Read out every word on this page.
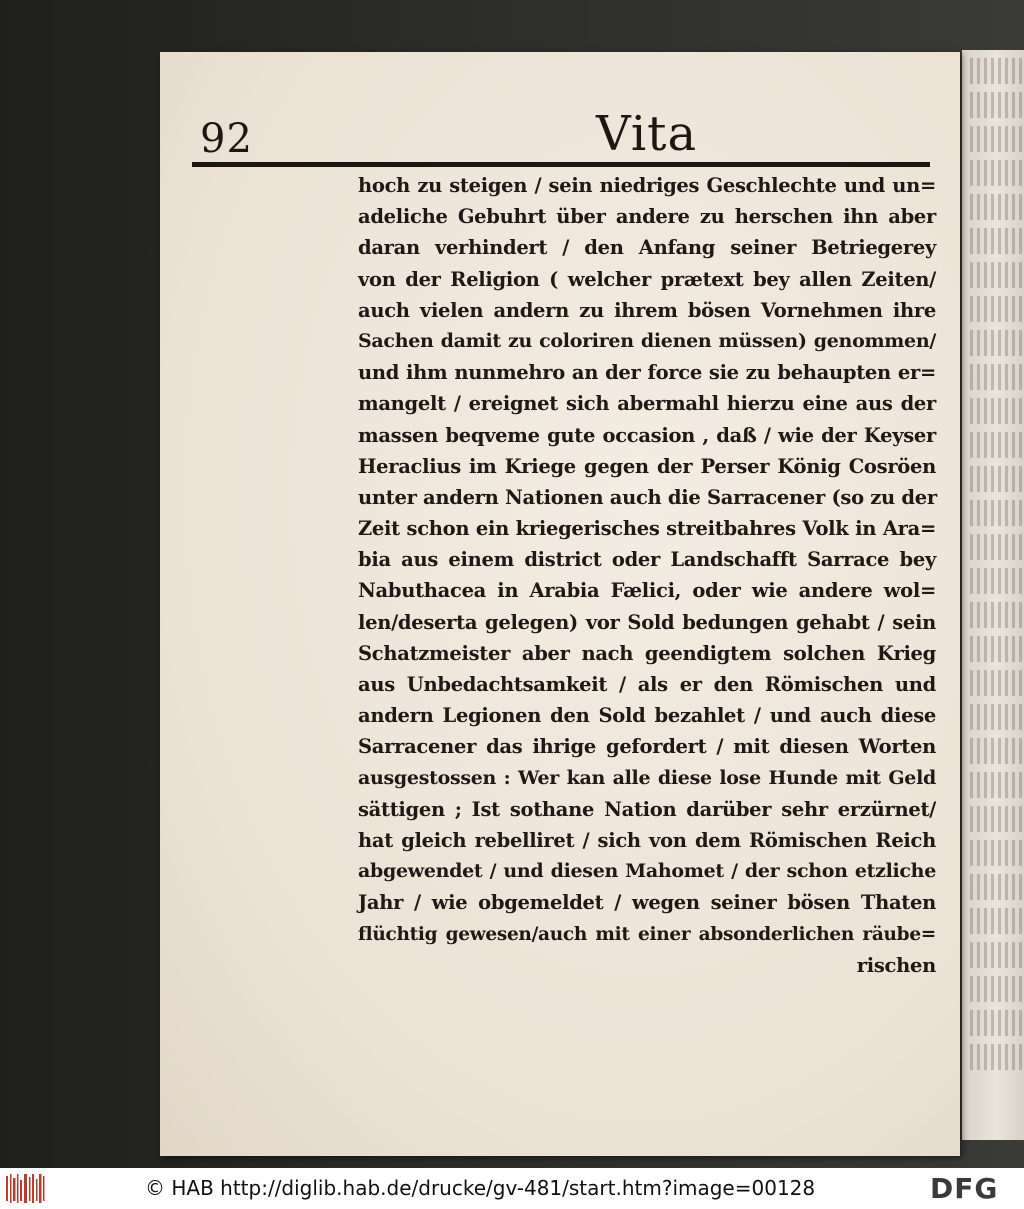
92	Vita
hoch zu steigen / sein niedriges Geschlechte und un=
adeliche Gebuhrt über andere zu herschen ihn aber
daran verhindert / den Anfang seiner Betriegerey
von der Religion ( welcher prætext bey allen Zeiten/
auch vielen andern zu ihrem bösen Vornehmen ihre
Sachen damit zu coloriren dienen müssen) genommen/
und ihm nunmehro an der force sie zu behaupten er=
mangelt / ereignet sich abermahl hierzu eine aus der
massen beqveme gute occasion , daß / wie der Keyser
Heraclius im Kriege gegen der Perser König Cosröen
unter andern Nationen auch die Sarracener (so zu der
Zeit schon ein kriegerisches streitbahres Volk in Ara=
bia aus einem district oder Landschafft Sarrace bey
Nabuthacea in Arabia Fælici, oder wie andere wol=
len/deserta gelegen) vor Sold bedungen gehabt / sein
Schatzmeister aber nach geendigtem solchen Krieg
aus Unbedachtsamkeit / als er den Römischen und
andern Legionen den Sold bezahlet / und auch diese
Sarracener das ihrige gefordert / mit diesen Worten
ausgestossen : Wer kan alle diese lose Hunde mit Geld
sättigen ; Ist sothane Nation darüber sehr erzürnet/
hat gleich rebelliret / sich von dem Römischen Reich
abgewendet / und diesen Mahomet / der schon etzliche
Jahr / wie obgemeldet / wegen seiner bösen Thaten
flüchtig gewesen/auch mit einer absonderlichen räube=
rischen
© HAB http://diglib.hab.de/drucke/gv-481/start.htm?image=00128	DFG
